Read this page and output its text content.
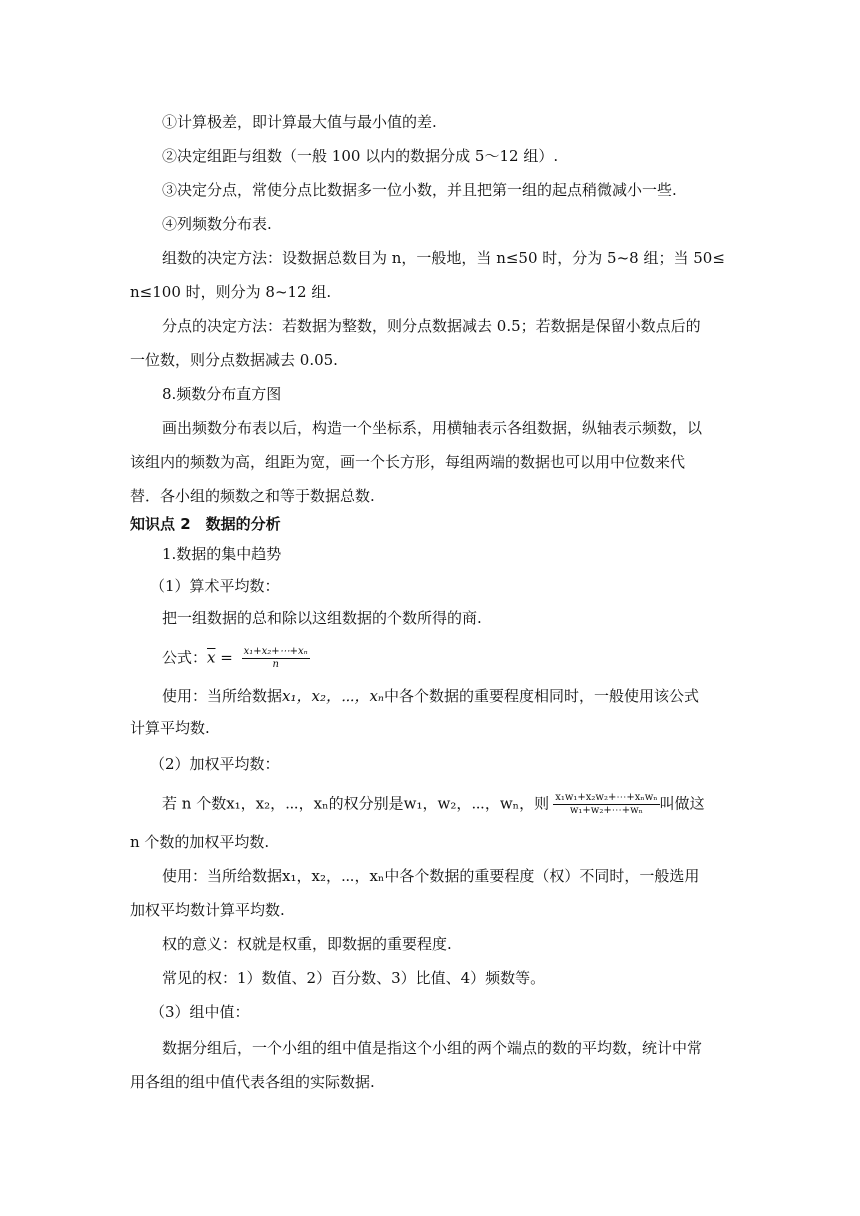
①计算极差，即计算最大值与最小值的差.
②决定组距与组数（一般 100 以内的数据分成 5～12 组）.
③决定分点，常使分点比数据多一位小数，并且把第一组的起点稍微减小一些.
④列频数分布表.
组数的决定方法：设数据总数目为 n，一般地，当 n≤50 时，分为 5~8 组；当 50≤
n≤100 时，则分为 8~12 组.
分点的决定方法：若数据为整数，则分点数据减去 0.5；若数据是保留小数点后的
一位数，则分点数据减去 0.05.
8.频数分布直方图
画出频数分布表以后，构造一个坐标系，用横轴表示各组数据，纵轴表示频数，以
该组内的频数为高，组距为宽，画一个长方形，每组两端的数据也可以用中位数来代
替．各小组的频数之和等于数据总数.
知识点 2　数据的分析
1.数据的集中趋势
（1）算术平均数：
把一组数据的总和除以这组数据的个数所得的商.
公式：$\overline{x} = \frac{\text{x₁+x₂+⋯+xₙ}}{n}$
使用：当所给数据x₁，x₂，⋯，xₙ中各个数据的重要程度相同时，一般使用该公式
计算平均数.
（2）加权平均数：
若 n 个数x₁，x₂，⋯，xₙ的权分别是w₁，w₂，⋯，wₙ，则 $\frac{\text{x₁w₁+x₂w₂+⋯+xₙwₙ}}{\text{w₁+w₂+⋯+wₙ}}$ 叫做这
n 个数的加权平均数.
使用：当所给数据x₁，x₂，⋯，xₙ中各个数据的重要程度（权）不同时，一般选用
加权平均数计算平均数.
权的意义：权就是权重，即数据的重要程度.
常见的权：1）数值、2）百分数、3）比值、4）频数等。
（3）组中值：
数据分组后，一个小组的组中值是指这个小组的两个端点的数的平均数，统计中常
用各组的组中值代表各组的实际数据.
